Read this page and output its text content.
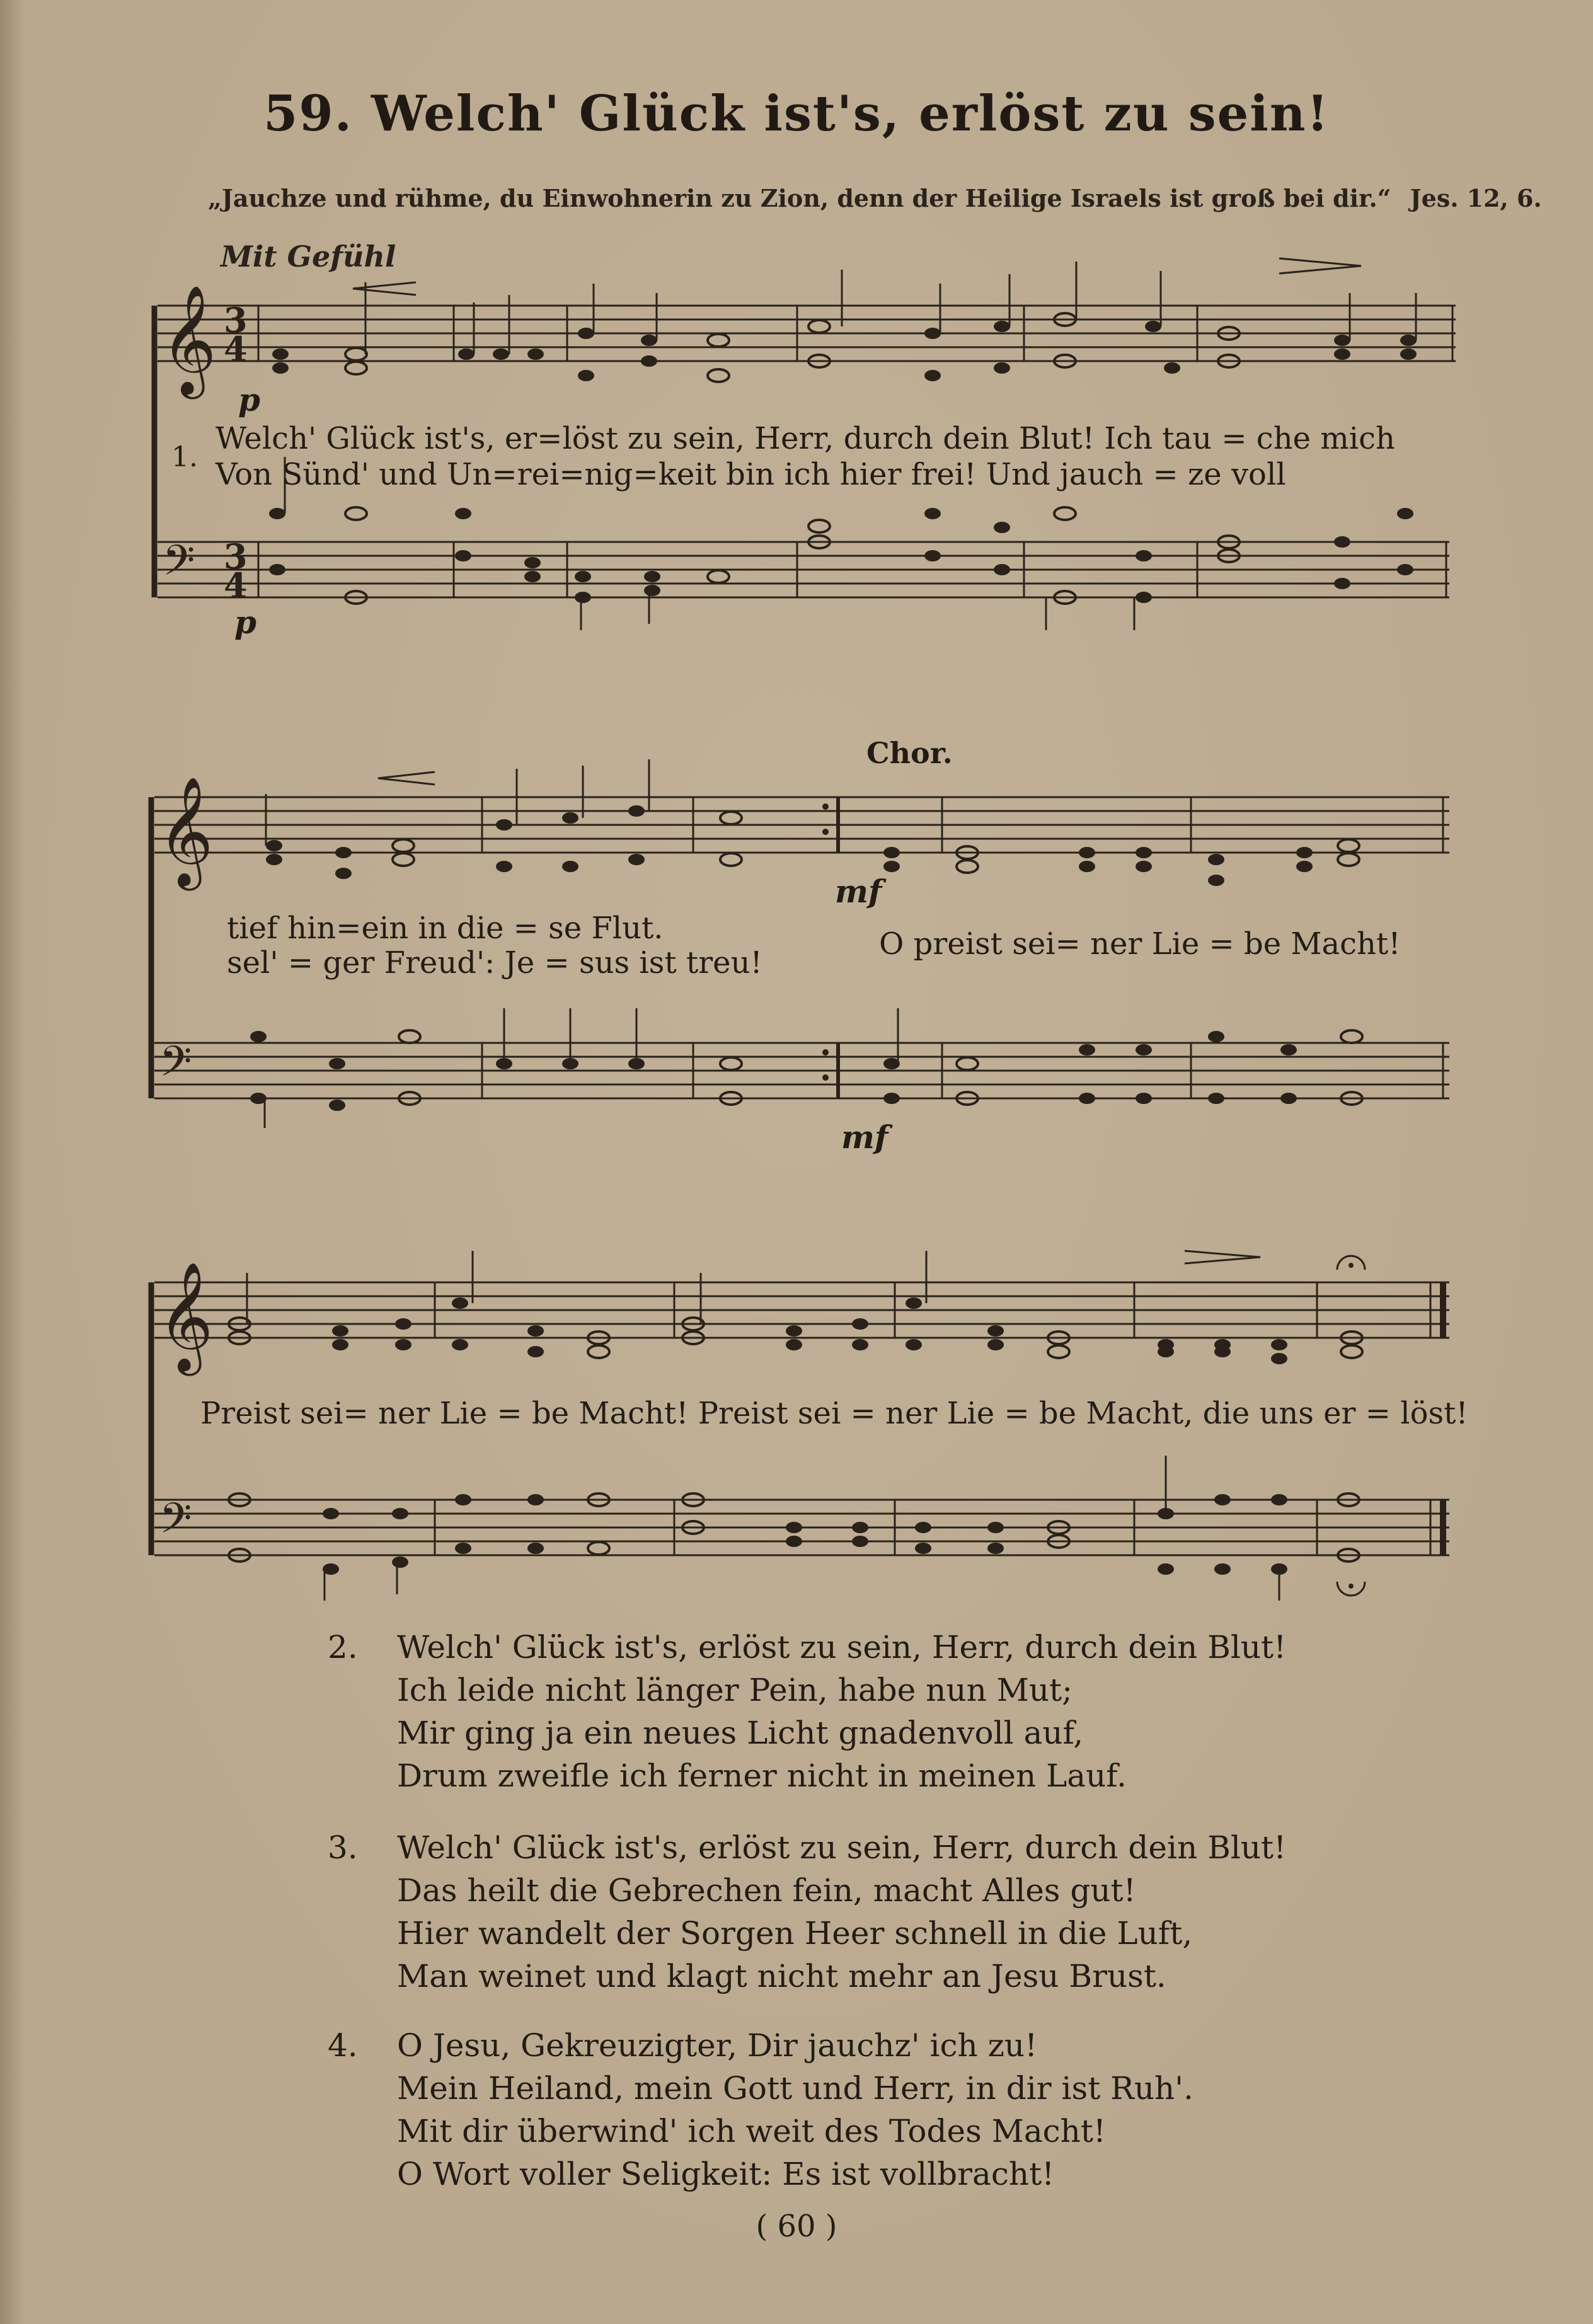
59. Welch' Glück ist's, erlöst zu sein!
„Jauchze und rühme, du Einwohnerin zu Zion, denn der Heilige Israels ist groß bei dir.“ Jes. 12, 6.
Mit Gefühl
𝄞
𝄢
𝄞
𝄢
𝄞
𝄢
3
4
3
4
p
p
mf
mf
Chor.
1.
Welch' Glück ist's, er=löst zu sein, Herr, durch dein Blut! Ich tau = che mich
Von Sünd' und Un=rei=nig=keit bin ich hier frei! Und jauch = ze voll
tief hin=ein in die = se Flut.
sel' = ger Freud': Je = sus ist treu!
O preist sei= ner Lie = be Macht!
Preist sei= ner Lie = be Macht! Preist sei = ner Lie = be Macht, die uns er = löst!
2. Welch' Glück ist's, erlöst zu sein, Herr, durch dein Blut!
Ich leide nicht länger Pein, habe nun Mut;
Mir ging ja ein neues Licht gnadenvoll auf,
Drum zweifle ich ferner nicht in meinen Lauf.
3. Welch' Glück ist's, erlöst zu sein, Herr, durch dein Blut!
Das heilt die Gebrechen fein, macht Alles gut!
Hier wandelt der Sorgen Heer schnell in die Luft,
Man weinet und klagt nicht mehr an Jesu Brust.
4. O Jesu, Gekreuzigter, Dir jauchz' ich zu!
Mein Heiland, mein Gott und Herr, in dir ist Ruh'.
Mit dir überwind' ich weit des Todes Macht!
O Wort voller Seligkeit: Es ist vollbracht!
( 60 )
